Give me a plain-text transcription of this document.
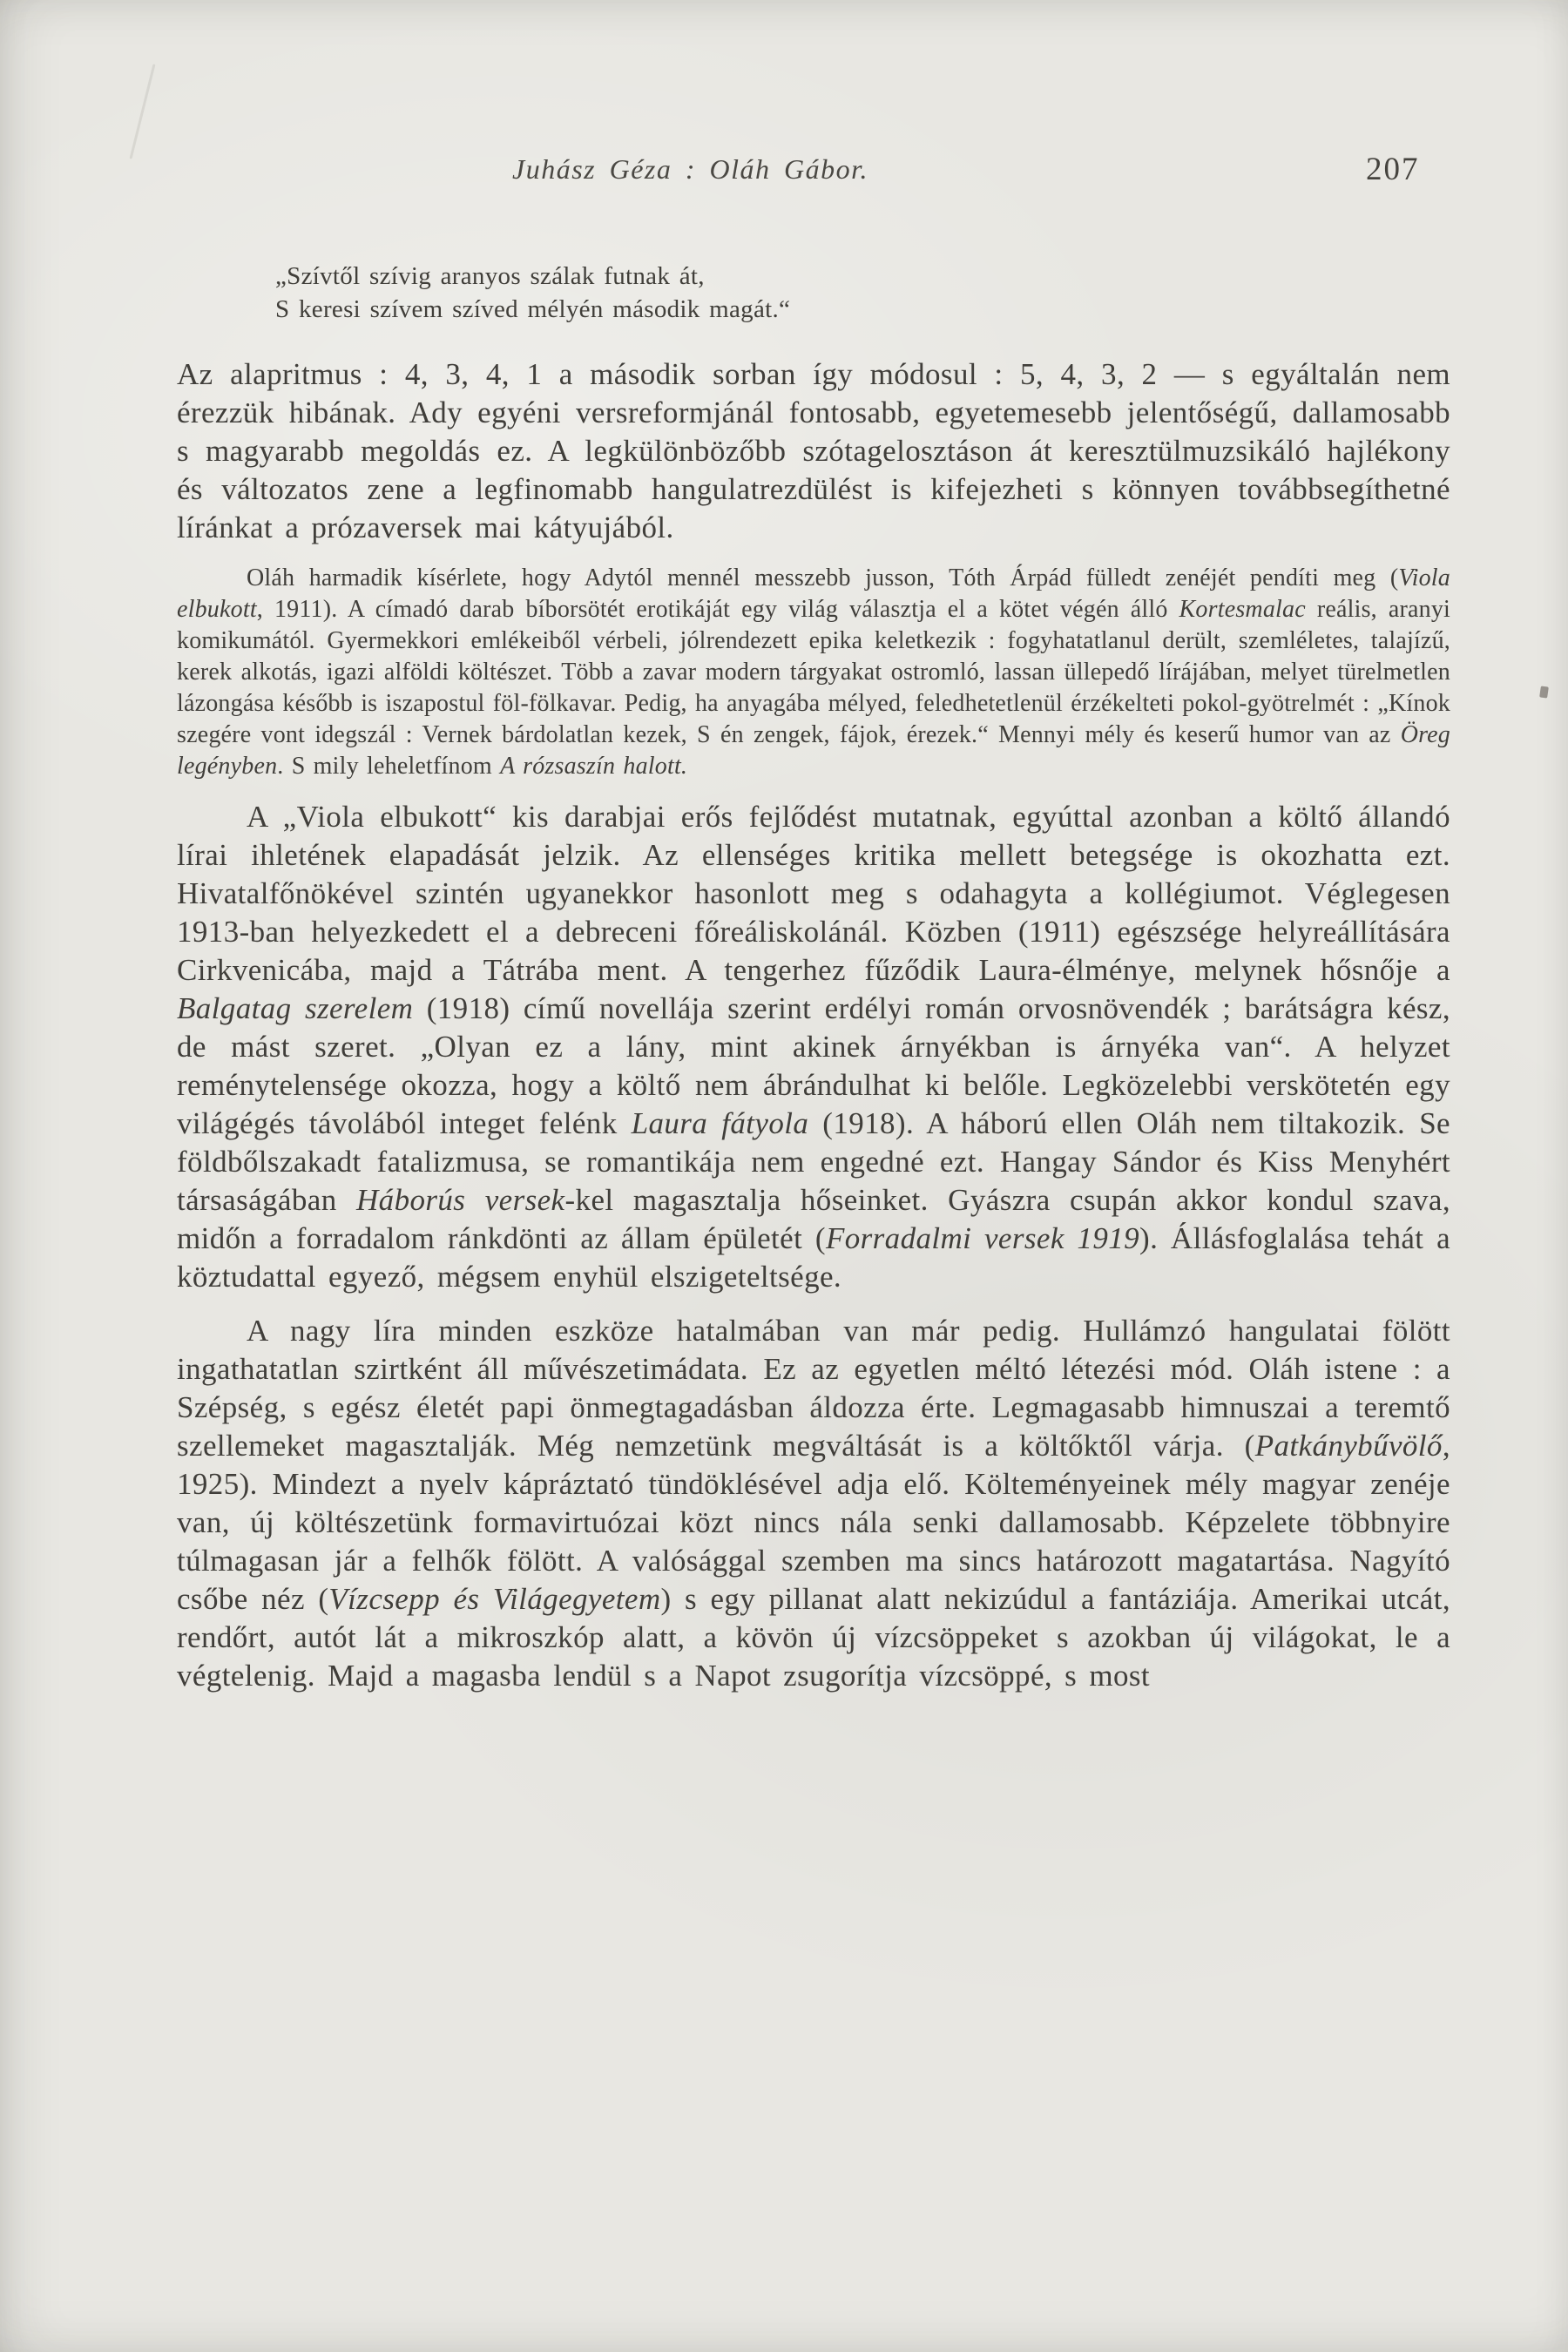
Juhász Géza : Oláh Gábor.	207
„Szívtől szívig aranyos szálak futnak át,
S keresi szívem szíved mélyén második magát.“

Az alapritmus : 4, 3, 4, 1 a második sorban így módosul : 5, 4, 3, 2 — s egyáltalán nem érezzük hibának. Ady egyéni versreformjánál fontosabb, egyetemesebb jelentőségű, dallamosabb s magyarabb megoldás ez. A legkülönbözőbb szótagelosztáson át keresztülmuzsikáló hajlékony és változatos zene a legfinomabb hangulatrezdülést is kifejezheti s könnyen továbbsegíthetné líránkat a prózaversek mai kátyujából.

Oláh harmadik kísérlete, hogy Adytól mennél messzebb jusson, Tóth Árpád fülledt zenéjét pendíti meg (Viola elbukott, 1911). A címadó darab bíborsötét erotikáját egy világ választja el a kötet végén álló Kortesmalac reális, aranyi komikumától. Gyermekkori emlékeiből vérbeli, jólrendezett epika keletkezik : fogyhatatlanul derült, szemléletes, talajízű, kerek alkotás, igazi alföldi költészet. Több a zavar modern tárgyakat ostromló, lassan üllepedő lírájában, melyet türelmetlen lázongása később is iszapostul föl-fölkavar. Pedig, ha anyagába mélyed, feledhetetlenül érzékelteti pokol-gyötrelmét : „Kínok szegére vont idegszál : Vernek bárdolatlan kezek, S én zengek, fájok, érezek.“ Mennyi mély és keserű humor van az Öreg legényben. S mily leheletfínom A rózsaszín halott.

A „Viola elbukott“ kis darabjai erős fejlődést mutatnak, egyúttal azonban a költő állandó lírai ihletének elapadását jelzik. Az ellenséges kritika mellett betegsége is okozhatta ezt. Hivatalfőnökével szintén ugyanekkor hasonlott meg s odahagyta a kollégiumot. Véglegesen 1913-ban helyezkedett el a debreceni főreáliskolánál. Közben (1911) egészsége helyreállítására Cirkvenicába, majd a Tátrába ment. A tengerhez fűződik Laura-élménye, melynek hősnője a Balgatag szerelem (1918) című novellája szerint erdélyi román orvosnövendék ; barátságra kész, de mást szeret. „Olyan ez a lány, mint akinek árnyékban is árnyéka van“. A helyzet reménytelensége okozza, hogy a költő nem ábrándulhat ki belőle. Legközelebbi verskötetén egy világégés távolából integet felénk Laura fátyola (1918). A háború ellen Oláh nem tiltakozik. Se földbőlszakadt fatalizmusa, se romantikája nem engedné ezt. Hangay Sándor és Kiss Menyhért társaságában Háborús versek-kel magasztalja hőseinket. Gyászra csupán akkor kondul szava, midőn a forradalom ránkdönti az állam épületét (Forradalmi versek 1919). Állásfoglalása tehát a köztudattal egyező, mégsem enyhül elszigeteltsége.

A nagy líra minden eszköze hatalmában van már pedig. Hullámzó hangulatai fölött ingathatatlan szirtként áll művészetimádata. Ez az egyetlen méltó létezési mód. Oláh istene : a Szépség, s egész életét papi önmegtagadásban áldozza érte. Legmagasabb himnuszai a teremtő szellemeket magasztalják. Még nemzetünk megváltását is a költőktől várja. (Patkánybűvölő, 1925). Mindezt a nyelv kápráztató tündöklésével adja elő. Költeményeinek mély magyar zenéje van, új költészetünk formavirtuózai közt nincs nála senki dallamosabb. Képzelete többnyire túlmagasan jár a felhők fölött. A valósággal szemben ma sincs határozott magatartása. Nagyító csőbe néz (Vízcsepp és Világegyetem) s egy pillanat alatt nekizúdul a fantáziája. Amerikai utcát, rendőrt, autót lát a mikroszkóp alatt, a kövön új vízcsöppeket s azokban új világokat, le a végtelenig. Majd a magasba lendül s a Napot zsugorítja vízcsöppé, s most
